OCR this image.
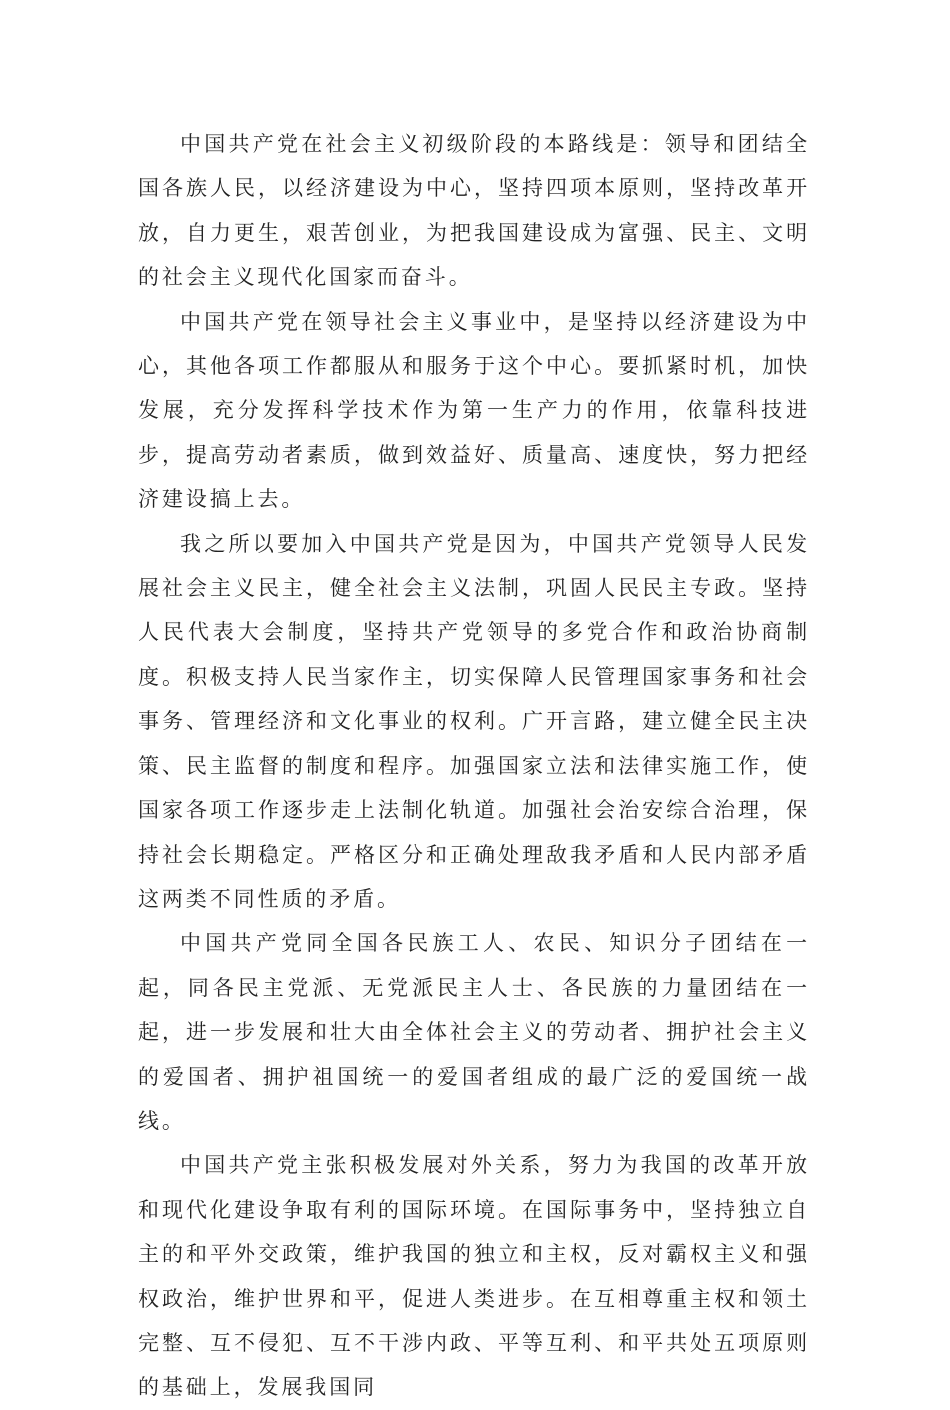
中国共产党在社会主义初级阶段的本路线是：领导和团结全国各族人民，以经济建设为中心，坚持四项本原则，坚持改革开放，自力更生，艰苦创业，为把我国建设成为富强、民主、文明的社会主义现代化国家而奋斗。

中国共产党在领导社会主义事业中，是坚持以经济建设为中心，其他各项工作都服从和服务于这个中心。要抓紧时机，加快发展，充分发挥科学技术作为第一生产力的作用，依靠科技进步，提高劳动者素质，做到效益好、质量高、速度快，努力把经济建设搞上去。

我之所以要加入中国共产党是因为，中国共产党领导人民发展社会主义民主，健全社会主义法制，巩固人民民主专政。坚持人民代表大会制度，坚持共产党领导的多党合作和政治协商制度。积极支持人民当家作主，切实保障人民管理国家事务和社会事务、管理经济和文化事业的权利。广开言路，建立健全民主决策、民主监督的制度和程序。加强国家立法和法律实施工作，使国家各项工作逐步走上法制化轨道。加强社会治安综合治理，保持社会长期稳定。严格区分和正确处理敌我矛盾和人民内部矛盾这两类不同性质的矛盾。

中国共产党同全国各民族工人、农民、知识分子团结在一起，同各民主党派、无党派民主人士、各民族的力量团结在一起，进一步发展和壮大由全体社会主义的劳动者、拥护社会主义的爱国者、拥护祖国统一的爱国者组成的最广泛的爱国统一战线。

中国共产党主张积极发展对外关系，努力为我国的改革开放和现代化建设争取有利的国际环境。在国际事务中，坚持独立自主的和平外交政策，维护我国的独立和主权，反对霸权主义和强权政治，维护世界和平，促进人类进步。在互相尊重主权和领土完整、互不侵犯、互不干涉内政、平等互利、和平共处五项原则的基础上，发展我国同
